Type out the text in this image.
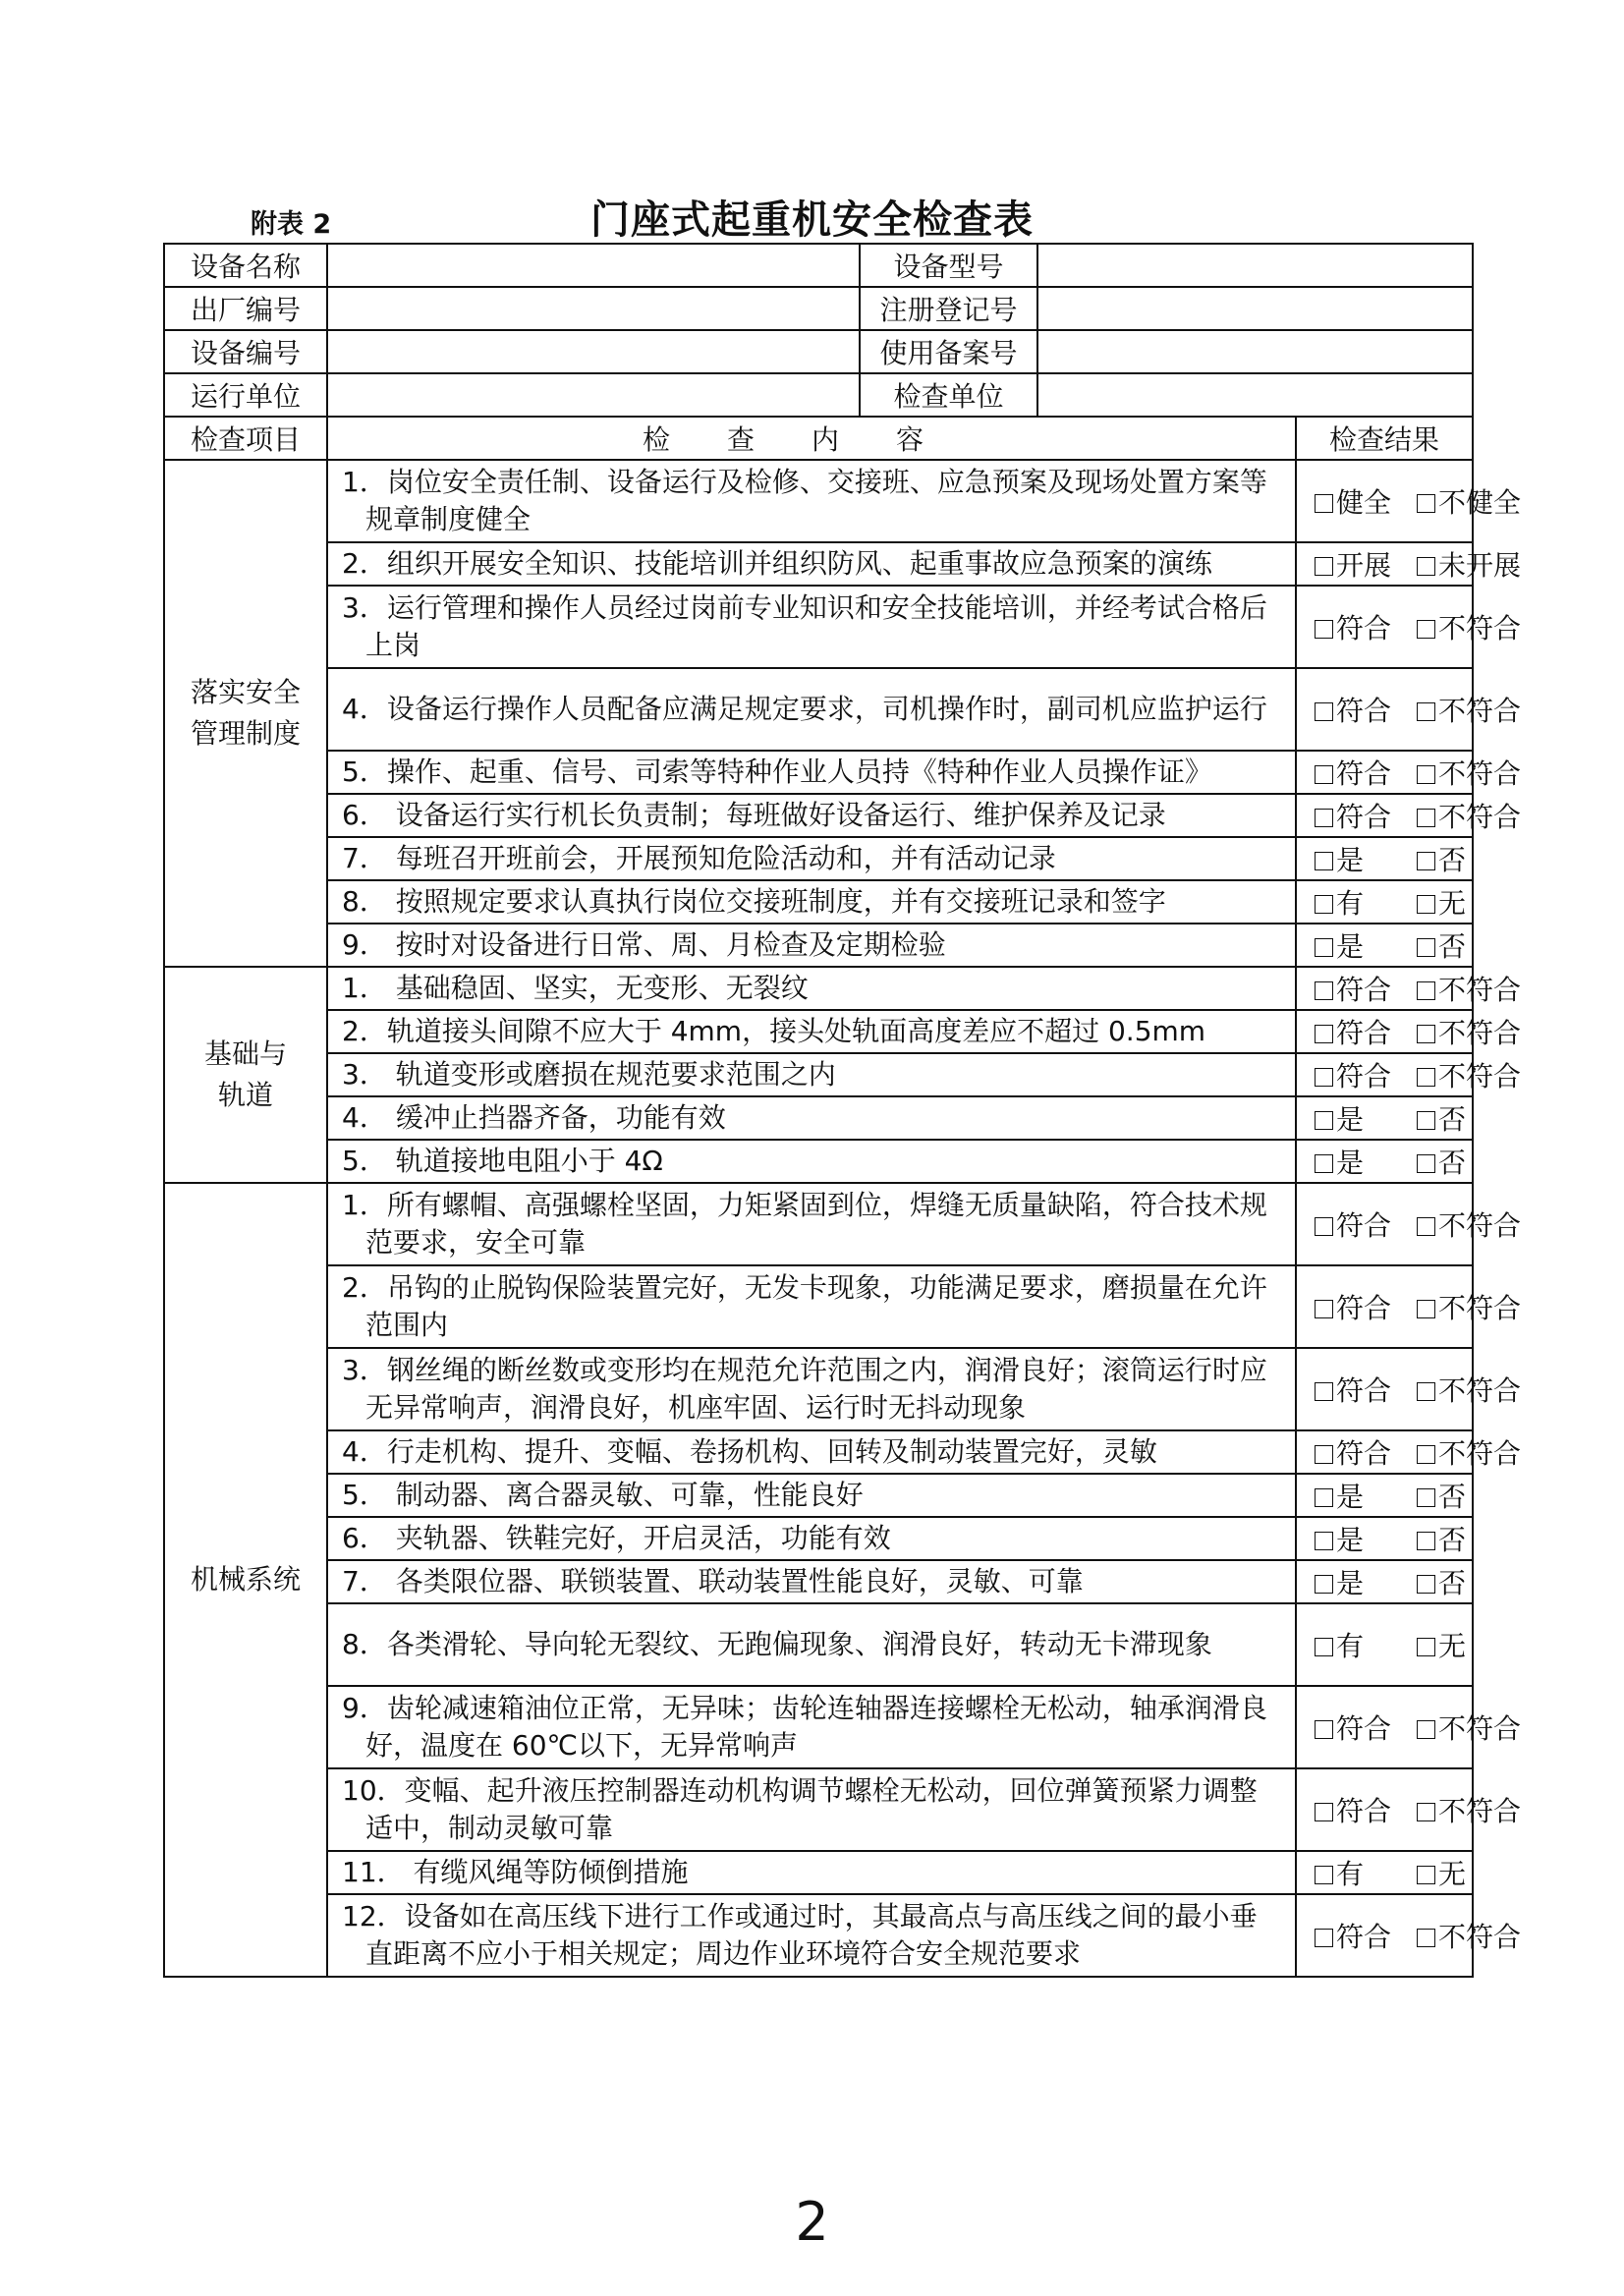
附表 2	门座式起重机安全检查表
设备名称		设备型号		
出厂编号		注册登记号		
设备编号		使用备案号		
运行单位		检查单位		
检查项目	检查内容			检查结果

落实安全
管理制度	1．岗位安全责任制、设备运行及检修、交接班、应急预案及现场处置方案等规章制度健全			健全 不健全
	2．组织开展安全知识、技能培训并组织防风、起重事故应急预案的演练			开展 未开展
	3．运行管理和操作人员经过岗前专业知识和安全技能培训，并经考试合格后上岗			符合 不符合
	4．设备运行操作人员配备应满足规定要求，司机操作时，副司机应监护运行			符合 不符合
	5．操作、起重、信号、司索等特种作业人员持《特种作业人员操作证》			符合 不符合
	6． 设备运行实行机长负责制；每班做好设备运行、维护保养及记录			符合 不符合
	7． 每班召开班前会，开展预知危险活动和，并有活动记录			是 否
	8． 按照规定要求认真执行岗位交接班制度，并有交接班记录和签字			有 无
	9． 按时对设备进行日常、周、月检查及定期检验			是 否

基础与
轨道	1． 基础稳固、坚实，无变形、无裂纹			符合 不符合
	2．轨道接头间隙不应大于 4mm，接头处轨面高度差应不超过 0.5mm			符合 不符合
	3． 轨道变形或磨损在规范要求范围之内			符合 不符合
	4． 缓冲止挡器齐备，功能有效			是 否
	5． 轨道接地电阻小于 4Ω			是 否

机械系统	1．所有螺帽、高强螺栓坚固，力矩紧固到位，焊缝无质量缺陷，符合技术规范要求，安全可靠			符合 不符合
	2．吊钩的止脱钩保险装置完好，无发卡现象，功能满足要求，磨损量在允许范围内			符合 不符合
	3．钢丝绳的断丝数或变形均在规范允许范围之内，润滑良好；滚筒运行时应无异常响声，润滑良好，机座牢固、运行时无抖动现象			符合 不符合
	4．行走机构、提升、变幅、卷扬机构、回转及制动装置完好，灵敏			符合 不符合
	5． 制动器、离合器灵敏、可靠，性能良好			是 否
	6． 夹轨器、铁鞋完好，开启灵活，功能有效			是 否
	7． 各类限位器、联锁装置、联动装置性能良好，灵敏、可靠			是 否
	8．各类滑轮、导向轮无裂纹、无跑偏现象、润滑良好，转动无卡滞现象			有 无
	9．齿轮减速箱油位正常，无异味；齿轮连轴器连接螺栓无松动，轴承润滑良好，温度在 60℃以下，无异常响声			符合 不符合
	10．变幅、起升液压控制器连动机构调节螺栓无松动，回位弹簧预紧力调整适中，制动灵敏可靠			符合 不符合
	11． 有缆风绳等防倾倒措施			有 无
	12．设备如在高压线下进行工作或通过时，其最高点与高压线之间的最小垂直距离不应小于相关规定；周边作业环境符合安全规范要求			符合 不符合
2
